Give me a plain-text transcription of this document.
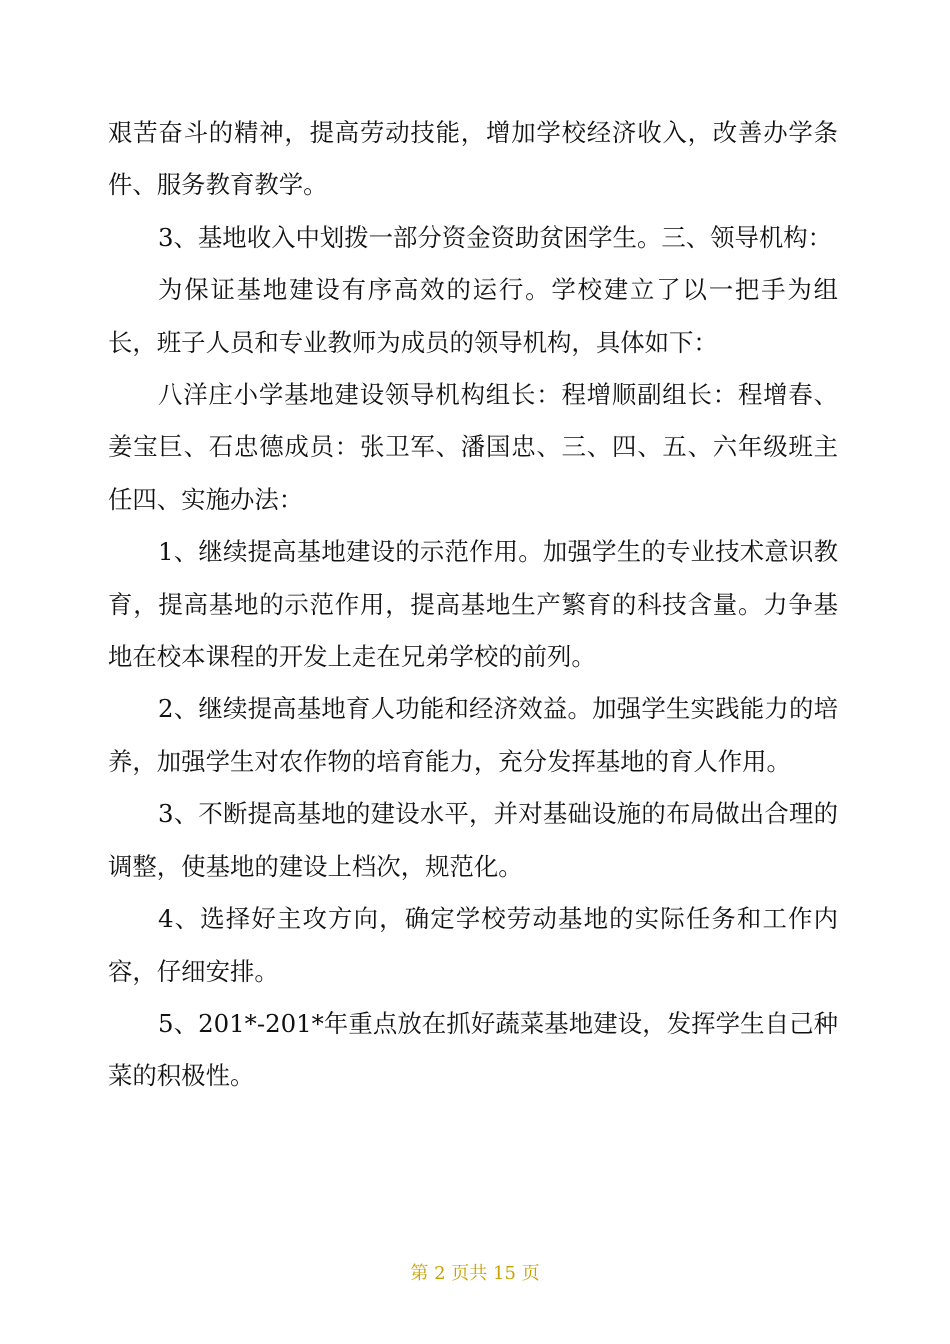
艰苦奋斗的精神，提高劳动技能，增加学校经济收入，改善办学条件、服务教育教学。

3、基地收入中划拨一部分资金资助贫困学生。三、领导机构：

为保证基地建设有序高效的运行。学校建立了以一把手为组长，班子人员和专业教师为成员的领导机构，具体如下：

八洋庄小学基地建设领导机构组长：程增顺副组长：程增春、姜宝巨、石忠德成员：张卫军、潘国忠、三、四、五、六年级班主任四、实施办法：

1、继续提高基地建设的示范作用。加强学生的专业技术意识教育，提高基地的示范作用，提高基地生产繁育的科技含量。力争基地在校本课程的开发上走在兄弟学校的前列。

2、继续提高基地育人功能和经济效益。加强学生实践能力的培养，加强学生对农作物的培育能力，充分发挥基地的育人作用。

3、不断提高基地的建设水平，并对基础设施的布局做出合理的调整，使基地的建设上档次，规范化。

4、选择好主攻方向，确定学校劳动基地的实际任务和工作内容，仔细安排。

5、201*-201*年重点放在抓好蔬菜基地建设，发挥学生自己种菜的积极性。

第 2 页共 15 页
